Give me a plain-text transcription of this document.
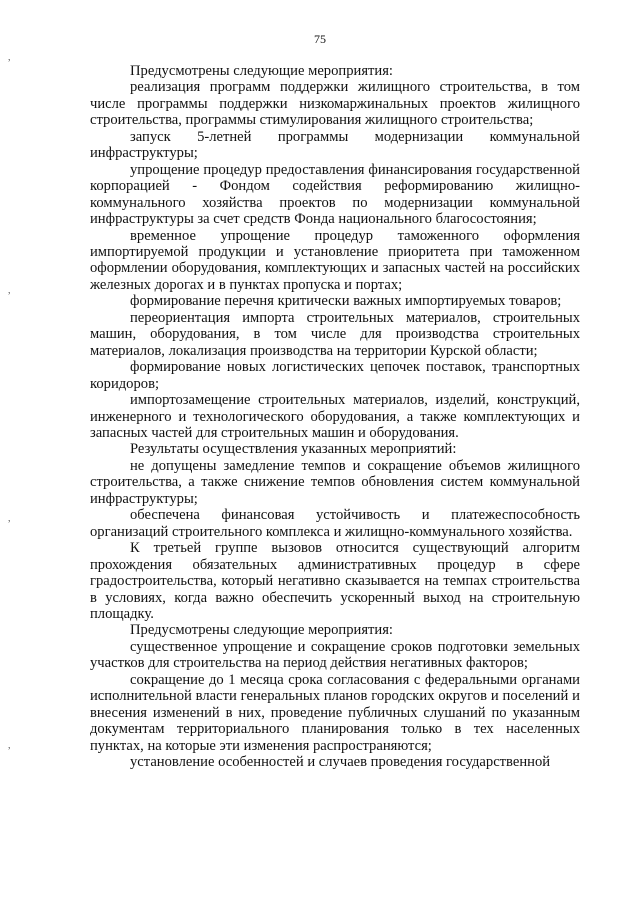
75

Предусмотрены следующие мероприятия:

реализация программ поддержки жилищного строительства, в том числе программы поддержки низкомаржинальных проектов жилищного строительства, программы стимулирования жилищного строительства;

запуск 5-летней программы модернизации коммунальной инфраструктуры;

упрощение процедур предоставления финансирования государственной корпорацией - Фондом содействия реформированию жилищно-коммунального хозяйства проектов по модернизации коммунальной инфраструктуры за счет средств Фонда национального благосостояния;

временное упрощение процедур таможенного оформления импортируемой продукции и установление приоритета при таможенном оформлении оборудования, комплектующих и запасных частей на российских железных дорогах и в пунктах пропуска и портах;

формирование перечня критически важных импортируемых товаров;

переориентация импорта строительных материалов, строительных машин, оборудования, в том числе для производства строительных материалов, локализация производства на территории Курской области;

формирование новых логистических цепочек поставок, транспортных коридоров;

импортозамещение строительных материалов, изделий, конструкций, инженерного и технологического оборудования, а также комплектующих и запасных частей для строительных машин и оборудования.

Результаты осуществления указанных мероприятий:

не допущены замедление темпов и сокращение объемов жилищного строительства, а также снижение темпов обновления систем коммунальной инфраструктуры;

обеспечена финансовая устойчивость и платежеспособность организаций строительного комплекса и жилищно-коммунального хозяйства.

К третьей группе вызовов относится существующий алгоритм прохождения обязательных административных процедур в сфере градостроительства, который негативно сказывается на темпах строительства в условиях, когда важно обеспечить ускоренный выход на строительную площадку.

Предусмотрены следующие мероприятия:

существенное упрощение и сокращение сроков подготовки земельных участков для строительства на период действия негативных факторов;

сокращение до 1 месяца срока согласования с федеральными органами исполнительной власти генеральных планов городских округов и поселений и внесения изменений в них, проведение публичных слушаний по указанным документам территориального планирования только в тех населенных пунктах, на которые эти изменения распространяются;

установление особенностей и случаев проведения государственной

,
,
,
,
